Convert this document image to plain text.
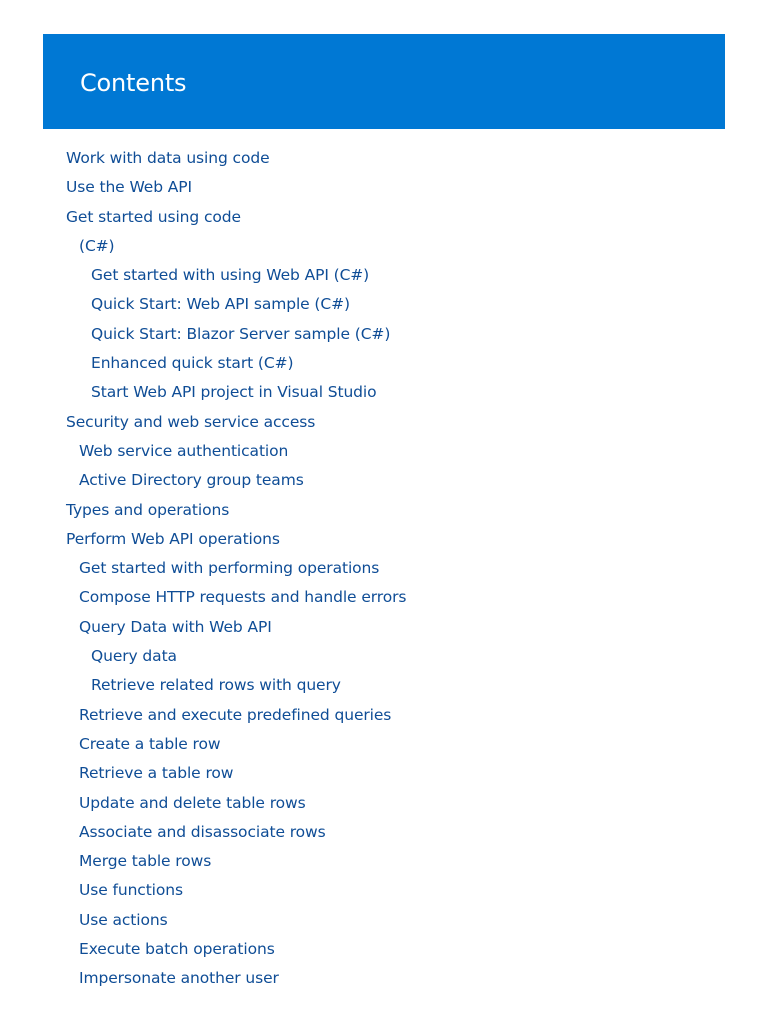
Contents
Work with data using code
Use the Web API
Get started using code
(C#)
Get started with using Web API (C#)
Quick Start: Web API sample (C#)
Quick Start: Blazor Server sample (C#)
Enhanced quick start (C#)
Start Web API project in Visual Studio
Security and web service access
Web service authentication
Active Directory group teams
Types and operations
Perform Web API operations
Get started with performing operations
Compose HTTP requests and handle errors
Query Data with Web API
Query data
Retrieve related rows with query
Retrieve and execute predefined queries
Create a table row
Retrieve a table row
Update and delete table rows
Associate and disassociate rows
Merge table rows
Use functions
Use actions
Execute batch operations
Impersonate another user
